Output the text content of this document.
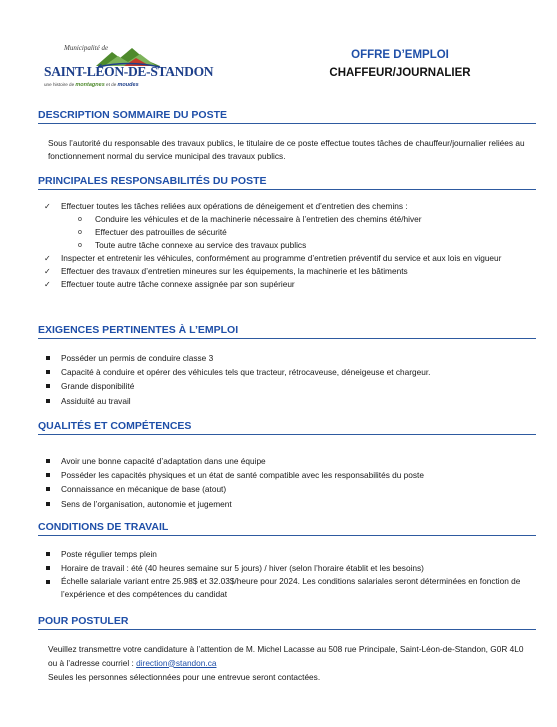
Municipalité de
SAINT-LÉON-DE-STANDON
une histoire de montagnes et de moudes
OFFRE D’EMPLOI
CHAFFEUR/JOURNALIER
DESCRIPTION SOMMAIRE DU POSTE
Sous l’autorité du responsable des travaux publics, le titulaire de ce poste effectue toutes tâches de chauffeur/journalier reliées au fonctionnement normal du service municipal des travaux publics.
PRINCIPALES RESPONSABILITÉS DU POSTE
✓ Effectuer toutes les tâches reliées aux opérations de déneigement et d’entretien des chemins :
o Conduire les véhicules et de la machinerie nécessaire à l’entretien des chemins été/hiver
o Effectuer des patrouilles de sécurité
o Toute autre tâche connexe au service des travaux publics
✓ Inspecter et entretenir les véhicules, conformément au programme d’entretien préventif du service et aux lois en vigueur
✓ Effectuer des travaux d’entretien mineures sur les équipements, la machinerie et les bâtiments
✓ Effectuer toute autre tâche connexe assignée par son supérieur
EXIGENCES PERTINENTES À L’EMPLOI
Posséder un permis de conduire classe 3
Capacité à conduire et opérer des véhicules tels que tracteur, rétrocaveuse, déneigeuse et chargeur.
Grande disponibilité
Assiduité au travail
QUALITÉS ET COMPÉTENCES
Avoir une bonne capacité d’adaptation dans une équipe
Posséder les capacités physiques et un état de santé compatible avec les responsabilités du poste
Connaissance en mécanique de base (atout)
Sens de l’organisation, autonomie et jugement
CONDITIONS DE TRAVAIL
Poste régulier temps plein
Horaire de travail : été (40 heures semaine sur 5 jours) / hiver (selon l’horaire établit et les besoins)
Échelle salariale variant entre 25.98$ et 32.03$/heure pour 2024. Les conditions salariales seront déterminées en fonction de l’expérience et des compétences du candidat
POUR POSTULER
Veuillez transmettre votre candidature à l’attention de M. Michel Lacasse au 508 rue Principale, Saint-Léon-de-Standon, G0R 4L0 ou à l’adresse courriel : direction@standon.ca
Seules les personnes sélectionnées pour une entrevue seront contactées.
